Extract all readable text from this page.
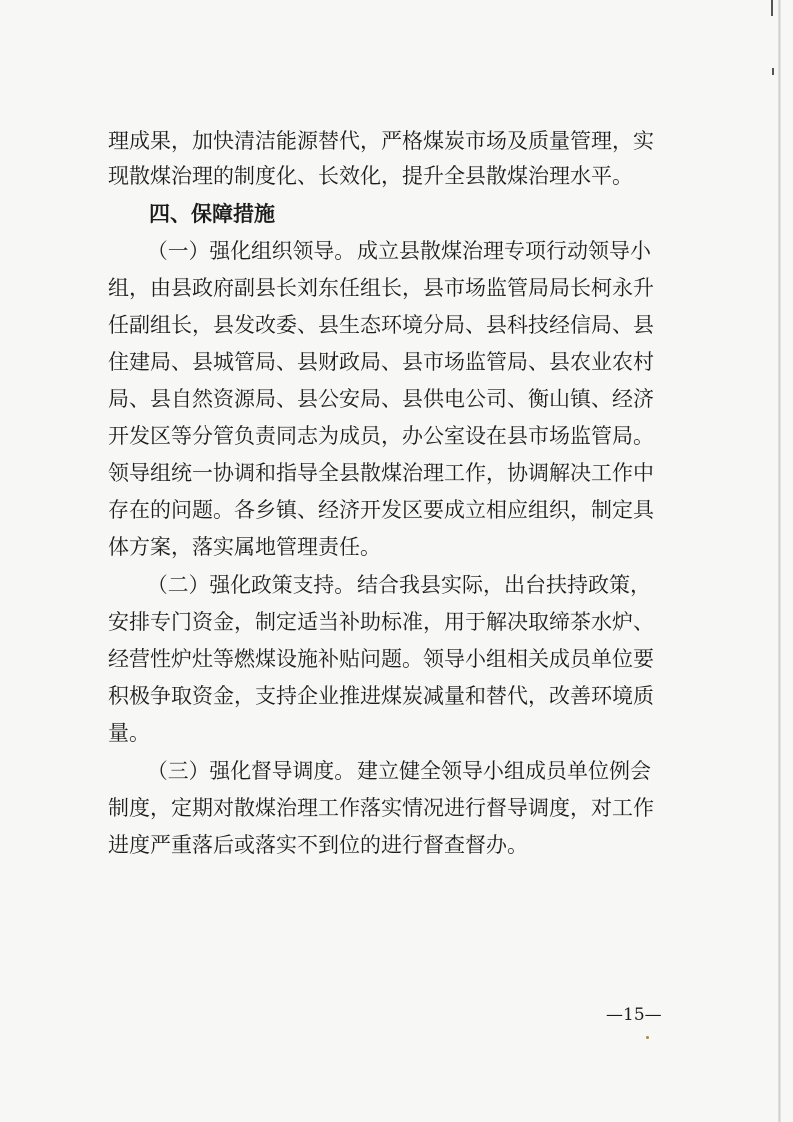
理成果，加快清洁能源替代，严格煤炭市场及质量管理，实
现散煤治理的制度化、长效化，提升全县散煤治理水平。
四、保障措施
（一）强化组织领导。 成立县散煤治理专项行动领导小
组，由县政府副县长刘东任组长，县市场监管局局长柯永升
任副组长，县发改委、县生态环境分局、县科技经信局、县
住建局、县城管局、县财政局、县市场监管局、县农业农村
局、县自然资源局、县公安局、县供电公司、衡山镇、经济
开发区等分管负责同志为成员，办公室设在县市场监管局。
领导组统一协调和指导全县散煤治理工作，协调解决工作中
存在的问题。各乡镇、经济开发区要成立相应组织，制定具
体方案，落实属地管理责任。
（二）强化政策支持。 结合我县实际，出台扶持政策，
安排专门资金，制定适当补助标准，用于解决取缔茶水炉、
经营性炉灶等燃煤设施补贴问题。领导小组相关成员单位要
积极争取资金，支持企业推进煤炭减量和替代，改善环境质
量。
（三）强化督导调度。 建立健全领导小组成员单位例会
制度，定期对散煤治理工作落实情况进行督导调度，对工作
进度严重落后或落实不到位的进行督查督办。
—15—
